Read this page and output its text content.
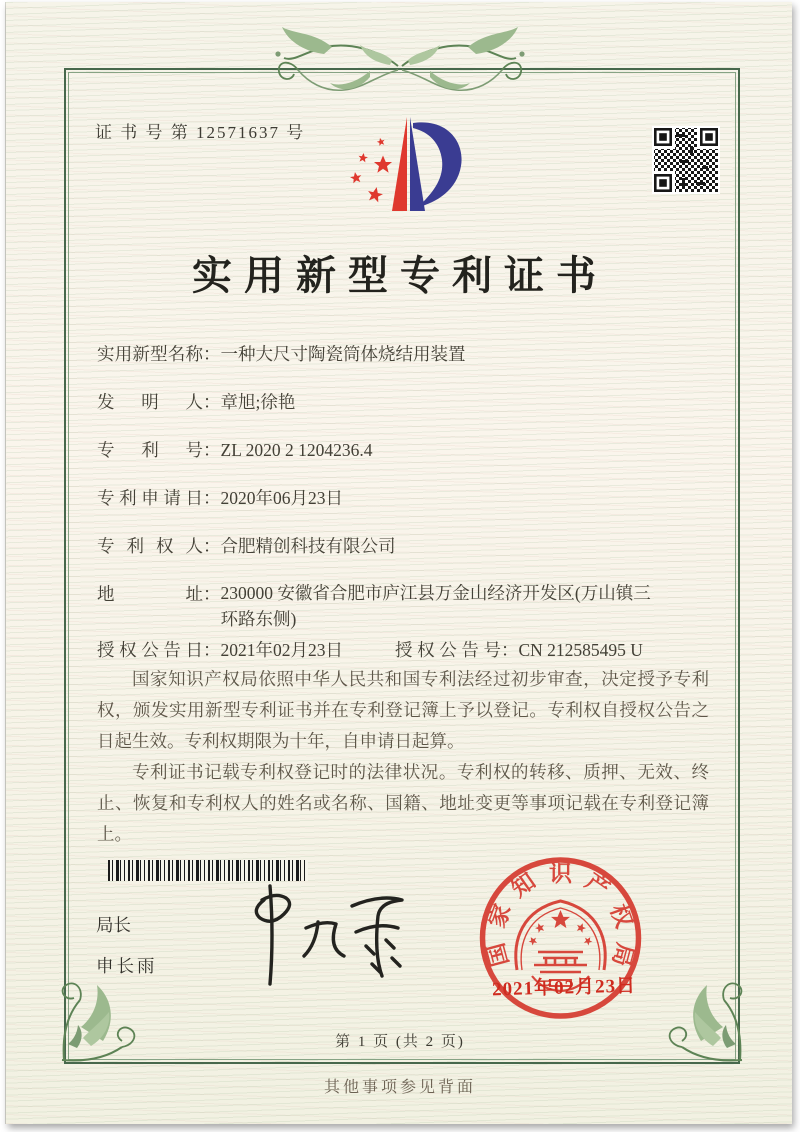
证 书 号 第 12571637 号
实用新型专利证书
实用新型名称 ： 一种大尺寸陶瓷筒体烧结用装置
发明人 ： 章旭;徐艳
专利号 ： ZL 2020 2 1204236.4
专利申请日 ： 2020年06月23日
专利权人 ： 合肥精创科技有限公司
地址 ： 230000 安徽省合肥市庐江县万金山经济开发区(万山镇三环路东侧)
授权公告日 ： 2021年02月23日	授权公告号 ： CN 212585495 U

国家知识产权局依照中华人民共和国专利法经过初步审查，决定授予专利权，颁发实用新型专利证书并在专利登记簿上予以登记。专利权自授权公告之日起生效。专利权期限为十年，自申请日起算。

专利证书记载专利权登记时的法律状况。专利权的转移、质押、无效、终止、恢复和专利权人的姓名或名称、国籍、地址变更等事项记载在专利登记簿上。

局长
申长雨	国
家
知 识 产
权
局
2021年02月23日
第 1 页 (共 2 页)
其他事项参见背面
